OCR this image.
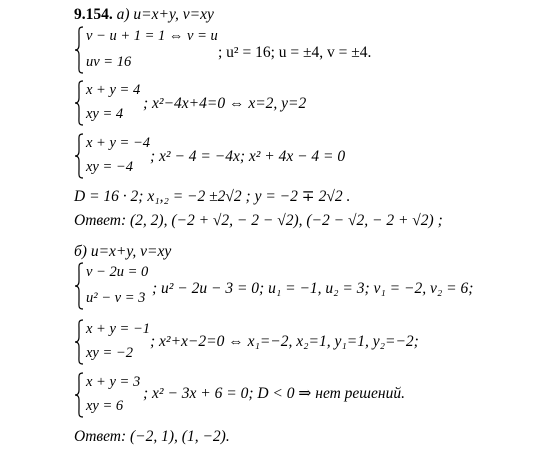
9.154. а) u=x+y, v=xy
v − u + 1 = 1 ⇔ v = u
uv = 16
; u² = 16; u = ±4, v = ±4.
x + y = 4
xy = 4
; x²−4x+4=0 ⇔ x=2, y=2
x + y = −4
xy = −4
; x² − 4 = −4x; x² + 4x − 4 = 0
D = 16 · 2; x₁,₂ = −2 ±2√2 ; y = −2 ∓ 2√2 .
Ответ: (2, 2), (−2 + √2, − 2 − √2), (−2 − √2, − 2 + √2) ;
б) u=x+y, v=xy
v − 2u = 0
u² − v = 3
; u² − 2u − 3 = 0; u₁ = −1, u₂ = 3; v₁ = −2, v₂ = 6;
x + y = −1
xy = −2
; x²+x−2=0 ⇔ x₁=−2, x₂=1, y₁=1, y₂=−2;
x + y = 3
xy = 6
; x² − 3x + 6 = 0; D < 0 ⇒ нет решений.
Ответ: (−2, 1), (1, −2).
